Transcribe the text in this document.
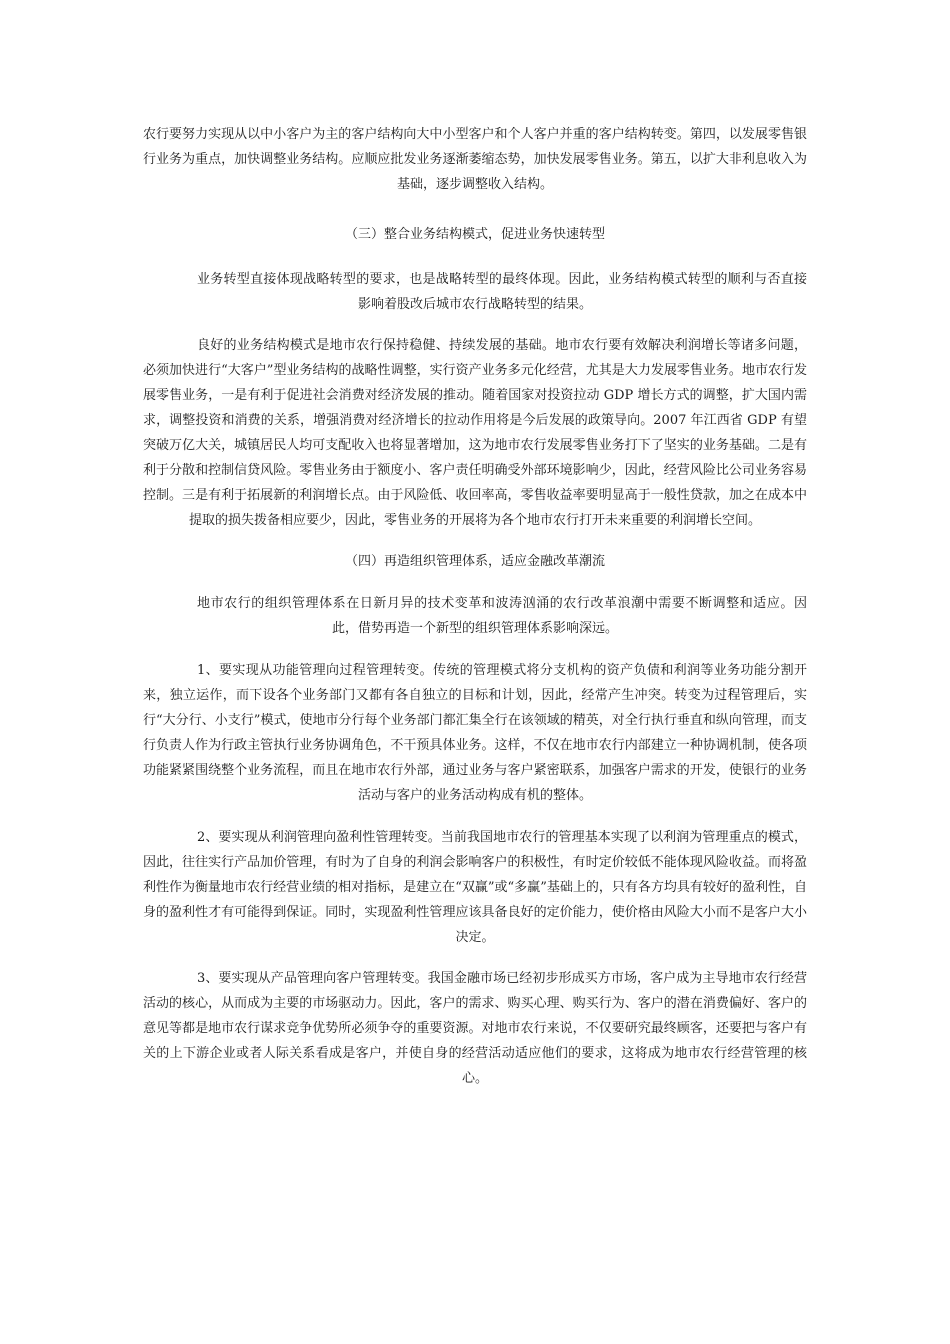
农行要努力实现从以中小客户为主的客户结构向大中小型客户和个人客户并重的客户结构转变。第四，以发展零售银行业务为重点，加快调整业务结构。应顺应批发业务逐渐萎缩态势，加快发展零售业务。第五，以扩大非利息收入为基础，逐步调整收入结构。

（三）整合业务结构模式，促进业务快速转型

业务转型直接体现战略转型的要求，也是战略转型的最终体现。因此，业务结构模式转型的顺利与否直接影响着股改后城市农行战略转型的结果。

良好的业务结构模式是地市农行保持稳健、持续发展的基础。地市农行要有效解决利润增长等诸多问题，必须加快进行“大客户”型业务结构的战略性调整，实行资产业务多元化经营，尤其是大力发展零售业务。地市农行发展零售业务，一是有利于促进社会消费对经济发展的推动。随着国家对投资拉动 GDP 增长方式的调整，扩大国内需求，调整投资和消费的关系，增强消费对经济增长的拉动作用将是今后发展的政策导向。2007 年江西省 GDP 有望突破万亿大关，城镇居民人均可支配收入也将显著增加，这为地市农行发展零售业务打下了坚实的业务基础。二是有利于分散和控制信贷风险。零售业务由于额度小、客户责任明确受外部环境影响少，因此，经营风险比公司业务容易控制。三是有利于拓展新的利润增长点。由于风险低、收回率高，零售收益率要明显高于一般性贷款，加之在成本中提取的损失拨备相应要少，因此，零售业务的开展将为各个地市农行打开未来重要的利润增长空间。

（四）再造组织管理体系，适应金融改革潮流

地市农行的组织管理体系在日新月异的技术变革和波涛汹涌的农行改革浪潮中需要不断调整和适应。因此，借势再造一个新型的组织管理体系影响深远。

1、要实现从功能管理向过程管理转变。传统的管理模式将分支机构的资产负债和利润等业务功能分割开来，独立运作，而下设各个业务部门又都有各自独立的目标和计划，因此，经常产生冲突。转变为过程管理后，实行“大分行、小支行”模式，使地市分行每个业务部门都汇集全行在该领域的精英，对全行执行垂直和纵向管理，而支行负责人作为行政主管执行业务协调角色，不干预具体业务。这样，不仅在地市农行内部建立一种协调机制，使各项功能紧紧围绕整个业务流程，而且在地市农行外部，通过业务与客户紧密联系，加强客户需求的开发，使银行的业务活动与客户的业务活动构成有机的整体。

2、要实现从利润管理向盈利性管理转变。当前我国地市农行的管理基本实现了以利润为管理重点的模式，因此，往往实行产品加价管理，有时为了自身的利润会影响客户的积极性，有时定价较低不能体现风险收益。而将盈利性作为衡量地市农行经营业绩的相对指标，是建立在“双赢”或“多赢”基础上的，只有各方均具有较好的盈利性，自身的盈利性才有可能得到保证。同时，实现盈利性管理应该具备良好的定价能力，使价格由风险大小而不是客户大小决定。

3、要实现从产品管理向客户管理转变。我国金融市场已经初步形成买方市场，客户成为主导地市农行经营活动的核心，从而成为主要的市场驱动力。因此，客户的需求、购买心理、购买行为、客户的潜在消费偏好、客户的意见等都是地市农行谋求竞争优势所必须争夺的重要资源。对地市农行来说，不仅要研究最终顾客，还要把与客户有关的上下游企业或者人际关系看成是客户，并使自身的经营活动适应他们的要求，这将成为地市农行经营管理的核心。
